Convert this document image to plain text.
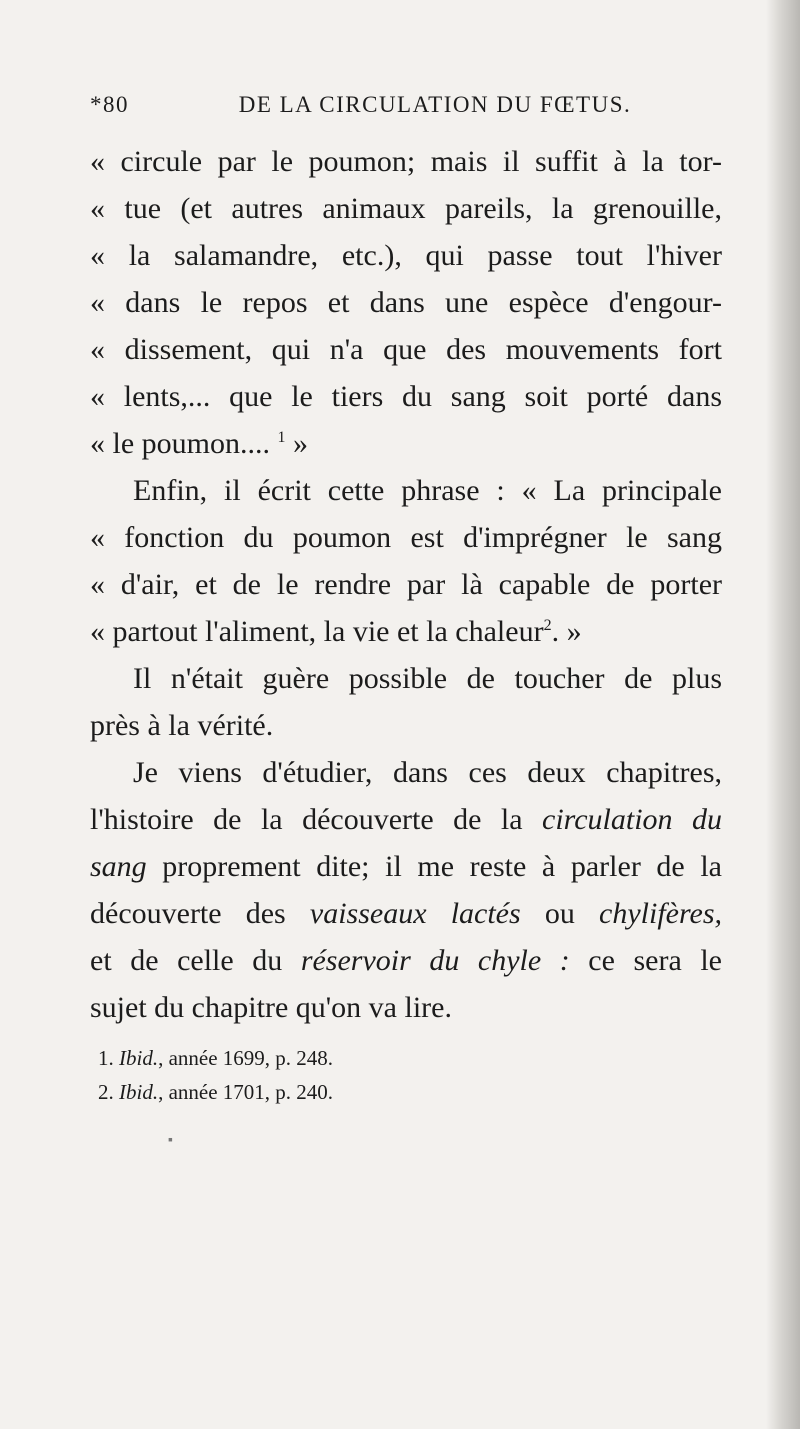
*80	DE LA CIRCULATION DU FŒTUS.
« circule par le poumon; mais il suffit à la tor-
« tue (et autres animaux pareils, la grenouille,
« la salamandre, etc.), qui passe tout l'hiver
« dans le repos et dans une espèce d'engour-
« dissement, qui n'a que des mouvements fort
« lents,... que le tiers du sang soit porté dans
« le poumon.... $^1$ »
Enfin, il écrit cette phrase : « La principale
« fonction du poumon est d'imprégner le sang
« d'air, et de le rendre par là capable de porter
« partout l'aliment, la vie et la chaleur$^2$. »
Il n'était guère possible de toucher de plus
près à la vérité.
Je viens d'étudier, dans ces deux chapitres,
l'histoire de la découverte de la circulation du
sang proprement dite; il me reste à parler de la
découverte des vaisseaux lactés ou chylifères,
et de celle du réservoir du chyle : ce sera le
sujet du chapitre qu'on va lire.
1. Ibid., année 1699, p. 248.
2. Ibid., année 1701, p. 240.
▪
